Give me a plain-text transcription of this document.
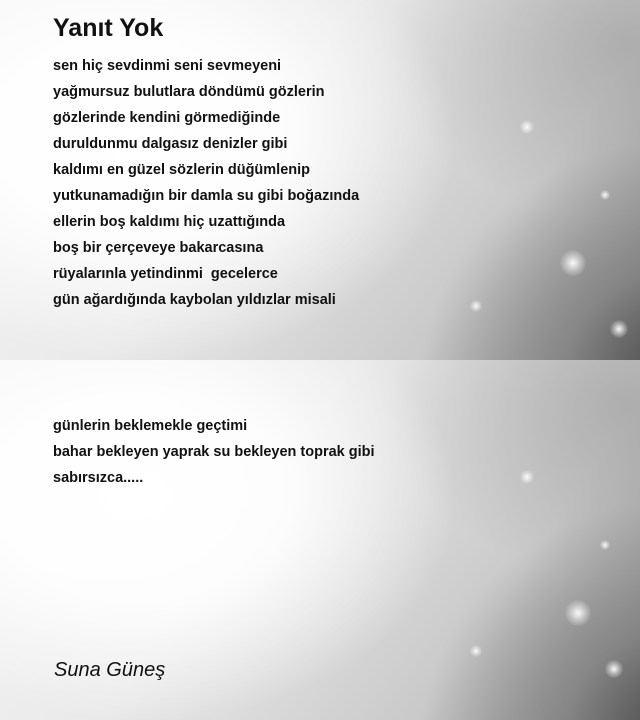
Yanıt Yok
sen hiç sevdinmi seni sevmeyeni
yağmursuz bulutlara döndümü gözlerin
gözlerinde kendini görmediğinde
duruldunmu dalgasız denizler gibi
kaldımı en güzel sözlerin düğümlenip
yutkunamadığın bir damla su gibi boğazında
ellerin boş kaldımı hiç uzattığında
boş bir çerçeveye bakarcasına
rüyalarınla yetindinmi  gecelerce
gün ağardığında kaybolan yıldızlar misali
günlerin beklemekle geçtimi
bahar bekleyen yaprak su bekleyen toprak gibi
sabırsızca.....

Suna Güneş
